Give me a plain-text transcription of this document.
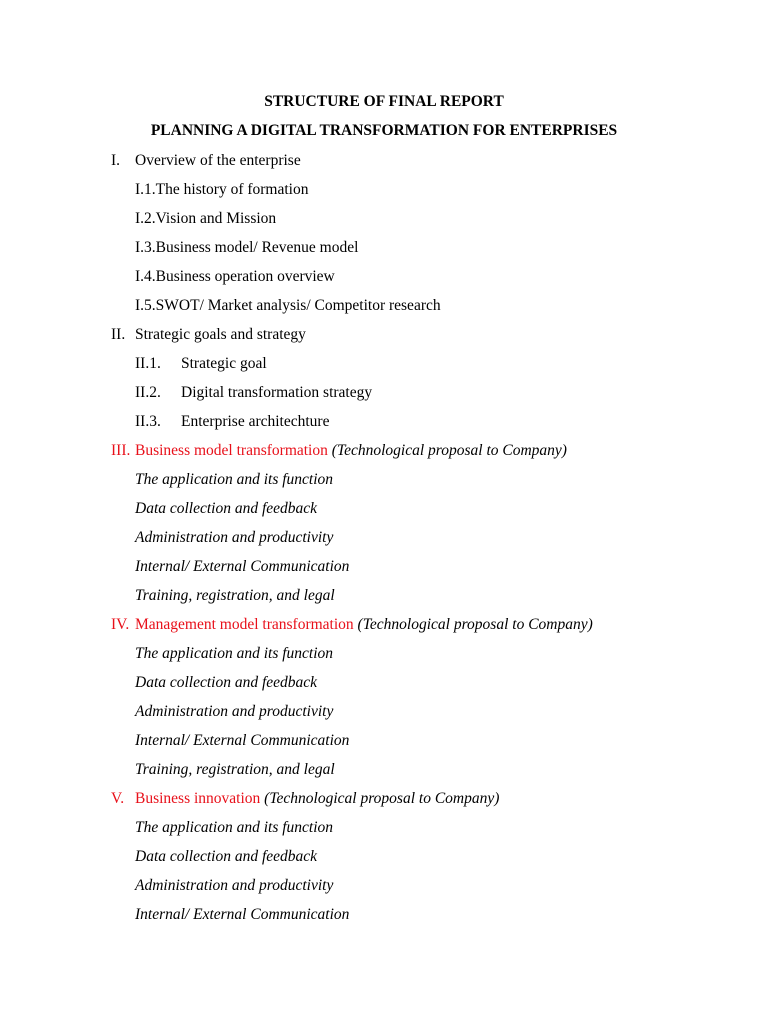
STRUCTURE OF FINAL REPORT
PLANNING A DIGITAL TRANSFORMATION FOR ENTERPRISES
I. Overview of the enterprise
I.1.The history of formation
I.2.Vision and Mission
I.3.Business model/ Revenue model
I.4.Business operation overview
I.5.SWOT/ Market analysis/ Competitor research
II. Strategic goals and strategy
II.1. Strategic goal
II.2. Digital transformation strategy
II.3. Enterprise architechture
III. Business model transformation (Technological proposal to Company)
The application and its function
Data collection and feedback
Administration and productivity
Internal/ External Communication
Training, registration, and legal
IV. Management model transformation (Technological proposal to Company)
The application and its function
Data collection and feedback
Administration and productivity
Internal/ External Communication
Training, registration, and legal
V. Business innovation (Technological proposal to Company)
The application and its function
Data collection and feedback
Administration and productivity
Internal/ External Communication
